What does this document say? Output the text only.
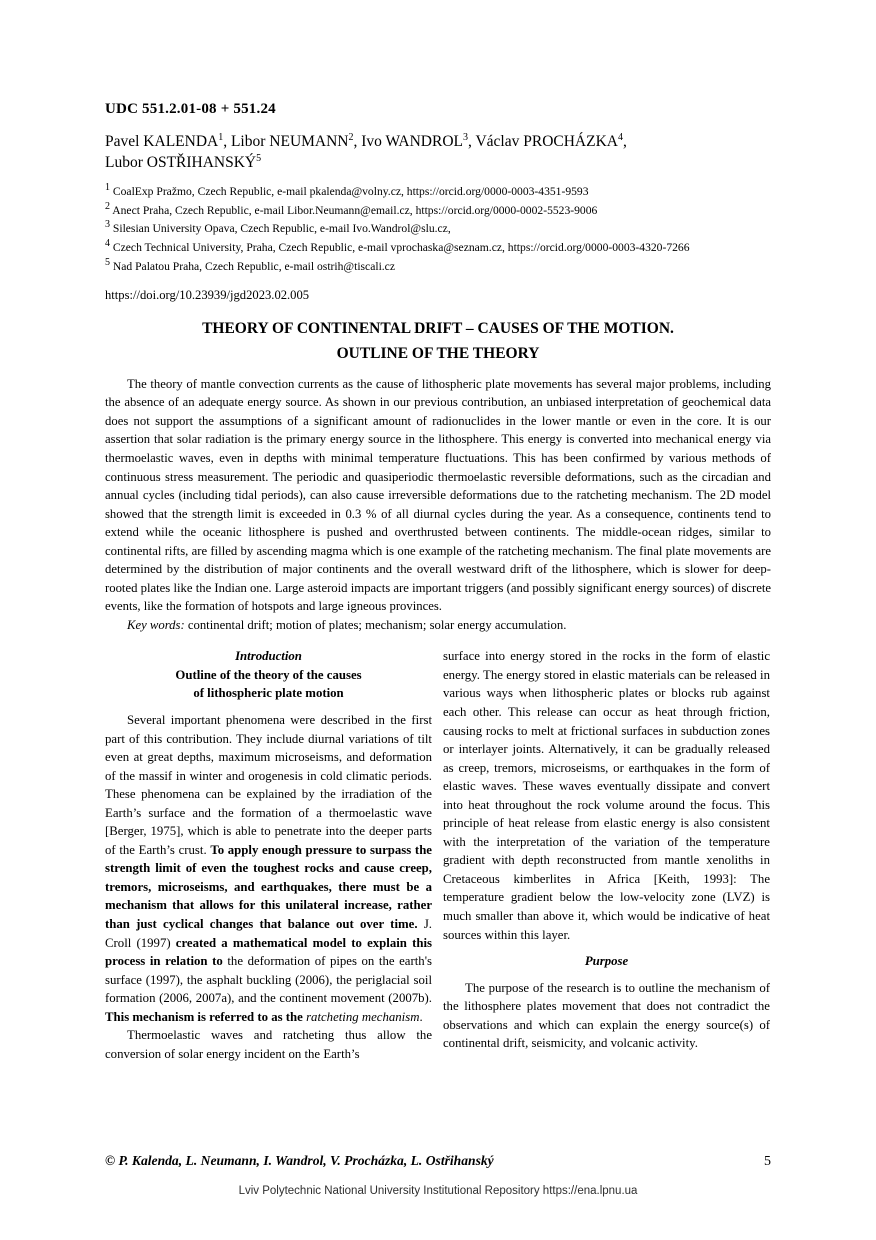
UDC 551.2.01-08 + 551.24
Pavel KALENDA$^1$, Libor NEUMANN$^2$, Ivo WANDROL$^3$, Václav PROCHÁZKA$^4$,
Lubor OSTŘIHANSKÝ$^5$
$^1$ CoalExp Pražmo, Czech Republic, e-mail pkalenda@volny.cz, https://orcid.org/0000-0003-4351-9593
$^2$ Anect Praha, Czech Republic, e-mail Libor.Neumann@email.cz, https://orcid.org/0000-0002-5523-9006
$^3$ Silesian University Opava, Czech Republic, e-mail Ivo.Wandrol@slu.cz,
$^4$ Czech Technical University, Praha, Czech Republic, e-mail vprochaska@seznam.cz, https://orcid.org/0000-0003-4320-7266
$^5$ Nad Palatou Praha, Czech Republic, e-mail ostrih@tiscali.cz
https://doi.org/10.23939/jgd2023.02.005
THEORY OF CONTINENTAL DRIFT – CAUSES OF THE MOTION.
OUTLINE OF THE THEORY

The theory of mantle convection currents as the cause of lithospheric plate movements has several major problems, including the absence of an adequate energy source. As shown in our previous contribution, an unbiased interpretation of geochemical data does not support the assumptions of a significant amount of radionuclides in the lower mantle or even in the core. It is our assertion that solar radiation is the primary energy source in the lithosphere. This energy is converted into mechanical energy via thermoelastic waves, even in depths with minimal temperature fluctuations. This has been confirmed by various methods of continuous stress measurement. The periodic and quasiperiodic thermoelastic reversible deformations, such as the circadian and annual cycles (including tidal periods), can also cause irreversible deformations due to the ratcheting mechanism. The 2D model showed that the strength limit is exceeded in 0.3 % of all diurnal cycles during the year. As a consequence, continents tend to extend while the oceanic lithosphere is pushed and overthrusted between continents. The middle-ocean ridges, similar to continental rifts, are filled by ascending magma which is one example of the ratcheting mechanism. The final plate movements are determined by the distribution of major continents and the overall westward drift of the lithosphere, which is slower for deep-rooted plates like the Indian one. Large asteroid impacts are important triggers (and possibly significant energy sources) of discrete events, like the formation of hotspots and large igneous provinces.

Key words: continental drift; motion of plates; mechanism; solar energy accumulation.

Introduction
Outline of the theory of the causes
of lithospheric plate motion

Several important phenomena were described in the first part of this contribution. They include diurnal variations of tilt even at great depths, maximum microseisms, and deformation of the massif in winter and orogenesis in cold climatic periods. These phenomena can be explained by the irradiation of the Earth’s surface and the formation of a thermoelastic wave [Berger, 1975], which is able to penetrate into the deeper parts of the Earth’s crust. To apply enough pressure to surpass the strength limit of even the toughest rocks and cause creep, tremors, microseisms, and earthquakes, there must be a mechanism that allows for this unilateral increase, rather than just cyclical changes that balance out over time. J. Croll (1997) created a mathematical model to explain this process in relation to the deformation of pipes on the earth's surface (1997), the asphalt buckling (2006), the periglacial soil formation (2006, 2007a), and the continent movement (2007b). This mechanism is referred to as the ratcheting mechanism.

Thermoelastic waves and ratcheting thus allow the conversion of solar energy incident on the Earth’s

surface into energy stored in the rocks in the form of elastic energy. The energy stored in elastic materials can be released in various ways when lithospheric plates or blocks rub against each other. This release can occur as heat through friction, causing rocks to melt at frictional surfaces in subduction zones or interlayer joints. Alternatively, it can be gradually released as creep, tremors, microseisms, or earthquakes in the form of elastic waves. These waves eventually dissipate and convert into heat throughout the rock volume around the focus. This principle of heat release from elastic energy is also consistent with the interpretation of the variation of the temperature gradient with depth reconstructed from mantle xenoliths in Cretaceous kimberlites in Africa [Keith, 1993]: The temperature gradient below the low-velocity zone (LVZ) is much smaller than above it, which would be indicative of heat sources within this layer.

Purpose

The purpose of the research is to outline the mechanism of the lithosphere plates movement that does not contradict the observations and which can explain the energy source(s) of continental drift, seismicity, and volcanic activity.

© P. Kalenda, L. Neumann, I. Wandrol, V. Procházka, L. Ostřihanský	5
Lviv Polytechnic National University Institutional Repository https://ena.lpnu.ua
